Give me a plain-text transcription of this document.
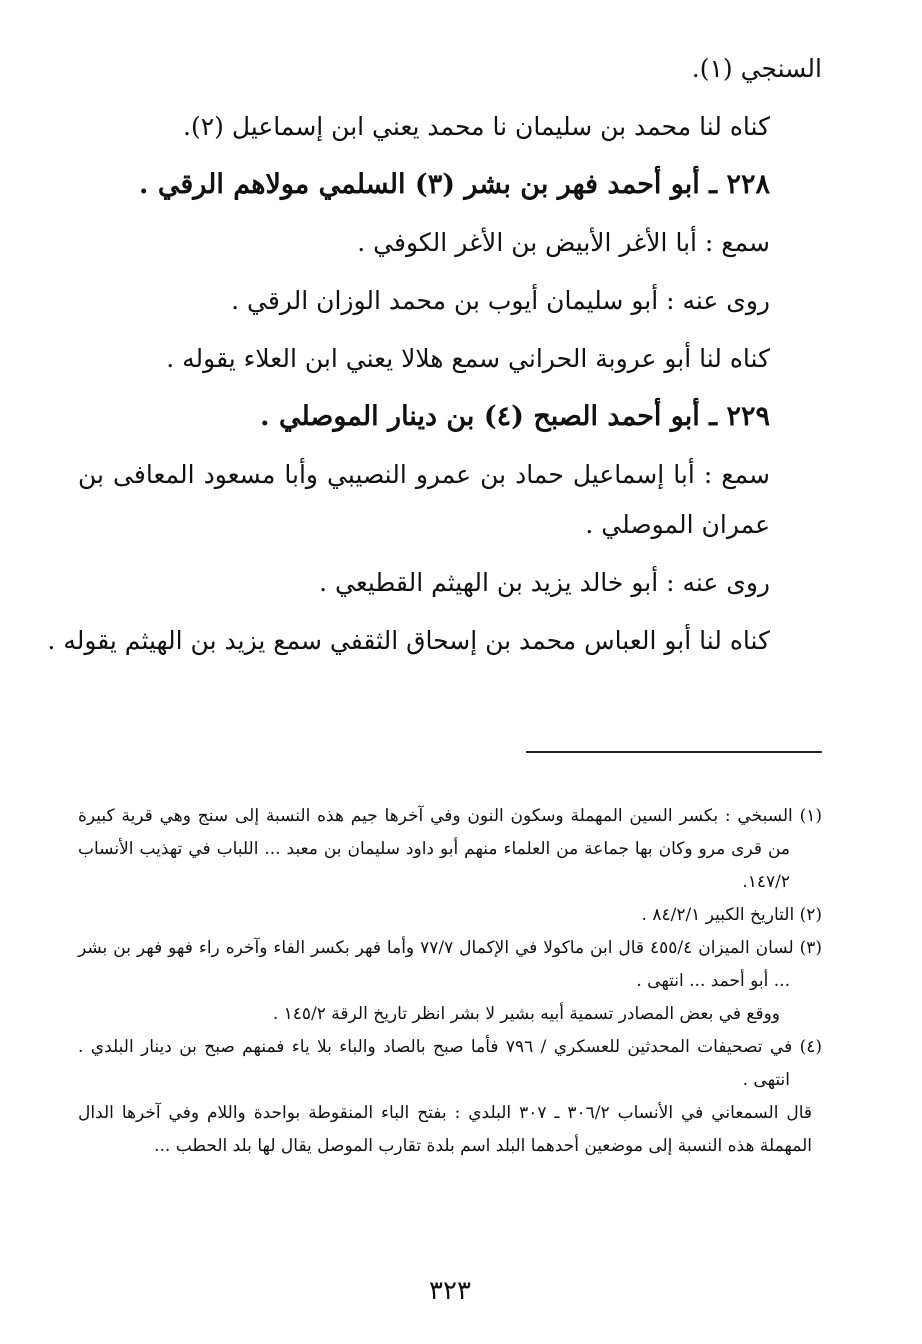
السنجي (١).
كناه لنا محمد بن سليمان نا محمد يعني ابن إسماعيل (٢).
٢٢٨ ـ أبو أحمد فهر بن بشر (٣) السلمي مولاهم الرقي .
سمع : أبا الأغر الأبيض بن الأغر الكوفي .
روى عنه : أبو سليمان أيوب بن محمد الوزان الرقي .
كناه لنا أبو عروبة الحراني سمع هلالا يعني ابن العلاء يقوله .
٢٢٩ ـ أبو أحمد الصبح (٤) بن دينار الموصلي .
سمع : أبا إسماعيل حماد بن عمرو النصيبي وأبا مسعود المعافى بن عمران الموصلي .
روى عنه : أبو خالد يزيد بن الهيثم القطيعي .
كناه لنا أبو العباس محمد بن إسحاق الثقفي سمع يزيد بن الهيثم يقوله .
(١) السبخي : بكسر السين المهملة وسكون النون وفي آخرها جيم هذه النسبة إلى سنج وهي قرية كبيرة من قرى مرو وكان بها جماعة من العلماء منهم أبو داود سليمان بن معبد ... اللباب في تهذيب الأنساب ١٤٧/٢.
(٢) التاريخ الكبير ٨٤/٢/١ .
(٣) لسان الميزان ٤٥٥/٤ قال ابن ماكولا في الإكمال ٧٧/٧ وأما فهر بكسر الفاء وآخره راء فهو فهر بن بشر ... أبو أحمد ... انتهى .
ووقع في بعض المصادر تسمية أبيه بشير لا بشر انظر تاريخ الرقة ١٤٥/٢ .
(٤) في تصحيفات المحدثين للعسكري / ٧٩٦ فأما صبح بالصاد والباء بلا ياء فمنهم صبح بن دينار البلدي . انتهى .
قال السمعاني في الأنساب ٣٠٦/٢ ـ ٣٠٧ البلدي : بفتح الباء المنقوطة بواحدة واللام وفي آخرها الدال المهملة هذه النسبة إلى موضعين أحدهما البلد اسم بلدة تقارب الموصل يقال لها بلد الحطب ...
٣٢٣
